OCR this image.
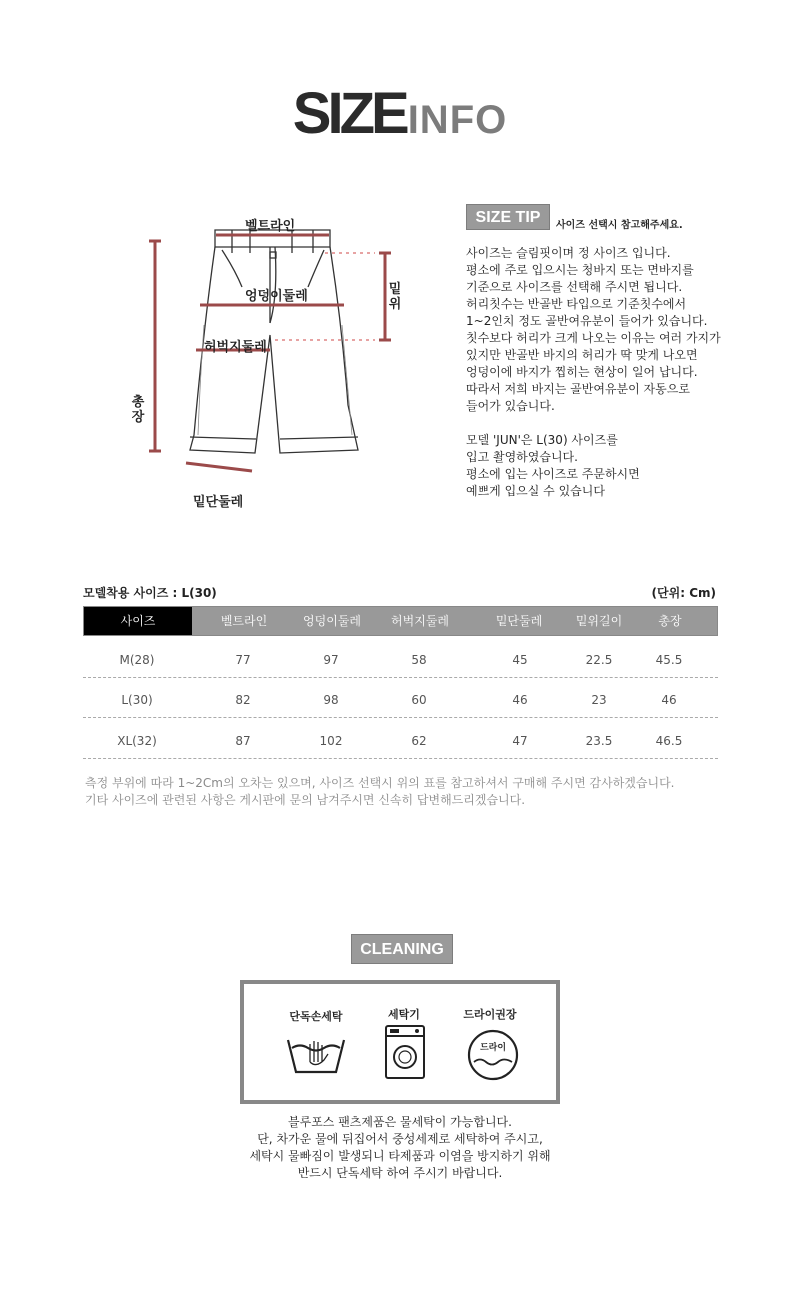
SIZEINFO
벨트라인
엉덩이둘레
허벅지둘레
밑단둘레
밑위
총장
SIZE TIP	사이즈 선택시 참고해주세요.

사이즈는 슬림핏이며 정 사이즈 입니다.

평소에 주로 입으시는 청바지 또는 면바지를

기준으로 사이즈를 선택해 주시면 됩니다.

허리칫수는 반골반 타입으로 기준칫수에서

1~2인치 정도 골반여유분이 들어가 있습니다.

칫수보다 허리가 크게 나오는 이유는 여러 가지가

있지만 반골반 바지의 허리가 딱 맞게 나오면

엉덩이에 바지가 찝히는 현상이 일어 납니다.

따라서 저희 바지는 골반여유분이 자동으로

들어가 있습니다.

모델 'JUN'은 L(30) 사이즈를

입고 촬영하였습니다.

평소에 입는 사이즈로 주문하시면

예쁘게 입으실 수 있습니다

모델착용 사이즈 : L(30)	(단위: Cm)
사이즈	벨트라인	엉덩이둘레	허벅지둘레	밑단둘레	밑위길이	총장
M(28)	77	97	58	45	22.5	45.5
L(30)	82	98	60	46	23	46
XL(32)	87	102	62	47	23.5	46.5

측정 부위에 따라 1~2Cm의 오차는 있으며, 사이즈 선택시 위의 표를 참고하셔서 구매해 주시면 감사하겠습니다.

기타 사이즈에 관련된 사항은 게시판에 문의 남겨주시면 신속히 답변해드리겠습니다.

CLEANING
단독손세탁	세탁기	드라이권장
드라이

블루포스 팬츠제품은 물세탁이 가능합니다.

단, 차가운 물에 뒤집어서 중성세제로 세탁하여 주시고,

세탁시 물빠짐이 발생되니 타제품과 이염을 방지하기 위해

반드시 단독세탁 하여 주시기 바랍니다.
